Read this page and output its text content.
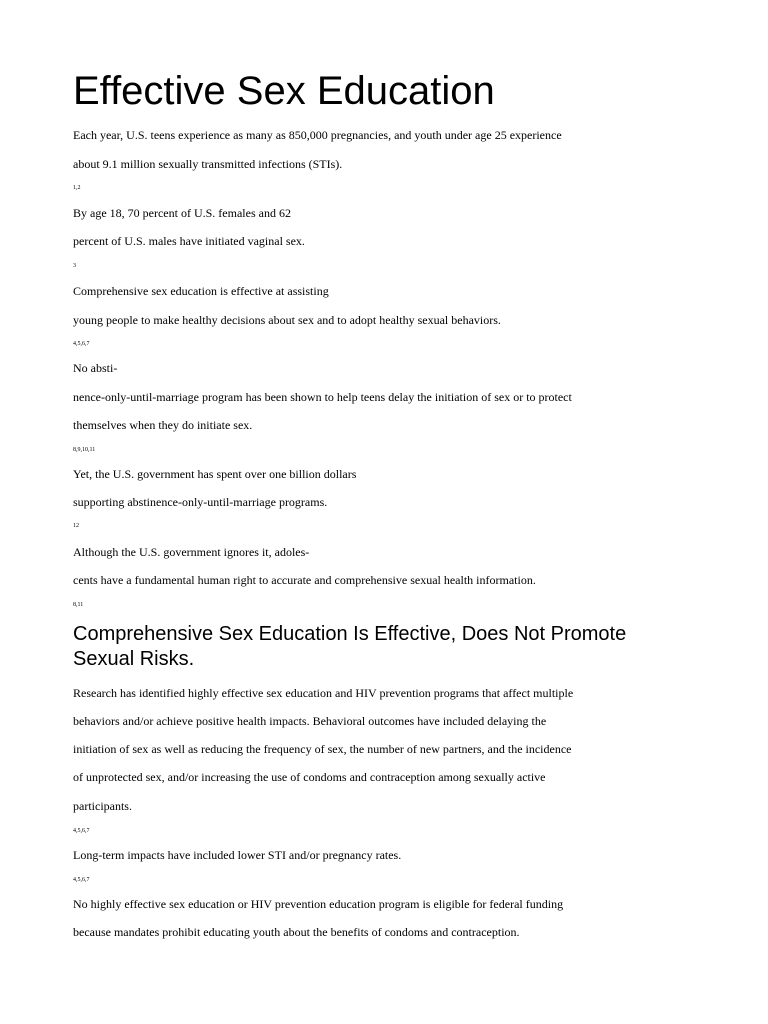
Effective Sex Education

Each year, U.S. teens experience as many as 850,000 pregnancies, and youth under age 25 experience

about 9.1 million sexually transmitted infections (STIs).

1,2

By age 18, 70 percent of U.S. females and 62

percent of U.S. males have initiated vaginal sex.

3

Comprehensive sex education is effective at assisting

young people to make healthy decisions about sex and to adopt healthy sexual behaviors.

4,5,6,7

No absti-

nence-only-until-marriage program has been shown to help teens delay the initiation of sex or to protect

themselves when they do initiate sex.

8,9,10,11

Yet, the U.S. government has spent over one billion dollars

supporting abstinence-only-until-marriage programs.

12

Although the U.S. government ignores it, adoles-

cents have a fundamental human right to accurate and comprehensive sexual health information.

8,11

Comprehensive Sex Education Is Effective, Does Not Promote
Sexual Risks.

Research has identified highly effective sex education and HIV prevention programs that affect multiple

behaviors and/or achieve positive health impacts. Behavioral outcomes have included delaying the

initiation of sex as well as reducing the frequency of sex, the number of new partners, and the incidence

of unprotected sex, and/or increasing the use of condoms and contraception among sexually active

participants.

4,5,6,7

Long-term impacts have included lower STI and/or pregnancy rates.

4,5,6,7

No highly effective sex education or HIV prevention education program is eligible for federal funding

because mandates prohibit educating youth about the benefits of condoms and contraception.
